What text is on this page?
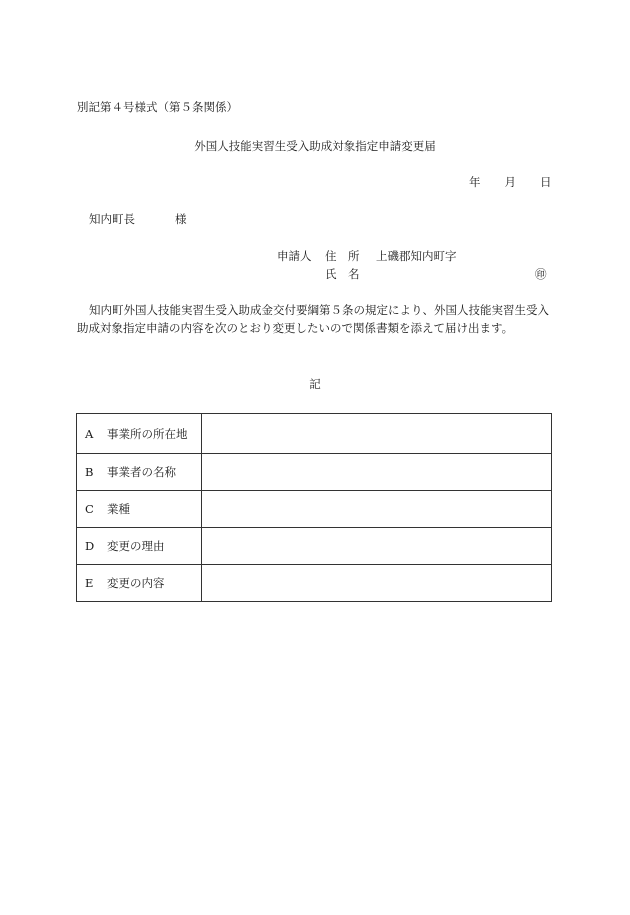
別記第４号様式（第５条関係）
外国人技能実習生受入助成対象指定申請変更届
年 月 日
知内町長	様
申請人 住　所 上磯郡知内町字
氏　名	㊞
知内町外国人技能実習生受入助成金交付要綱第５条の規定により、外国人技能実習生受入助成対象指定申請の内容を次のとおり変更したいので関係書類を添えて届け出ます。
記
A 事業所の所在地	
B 事業者の名称	
C 業種	
D 変更の理由	
E 変更の内容	
